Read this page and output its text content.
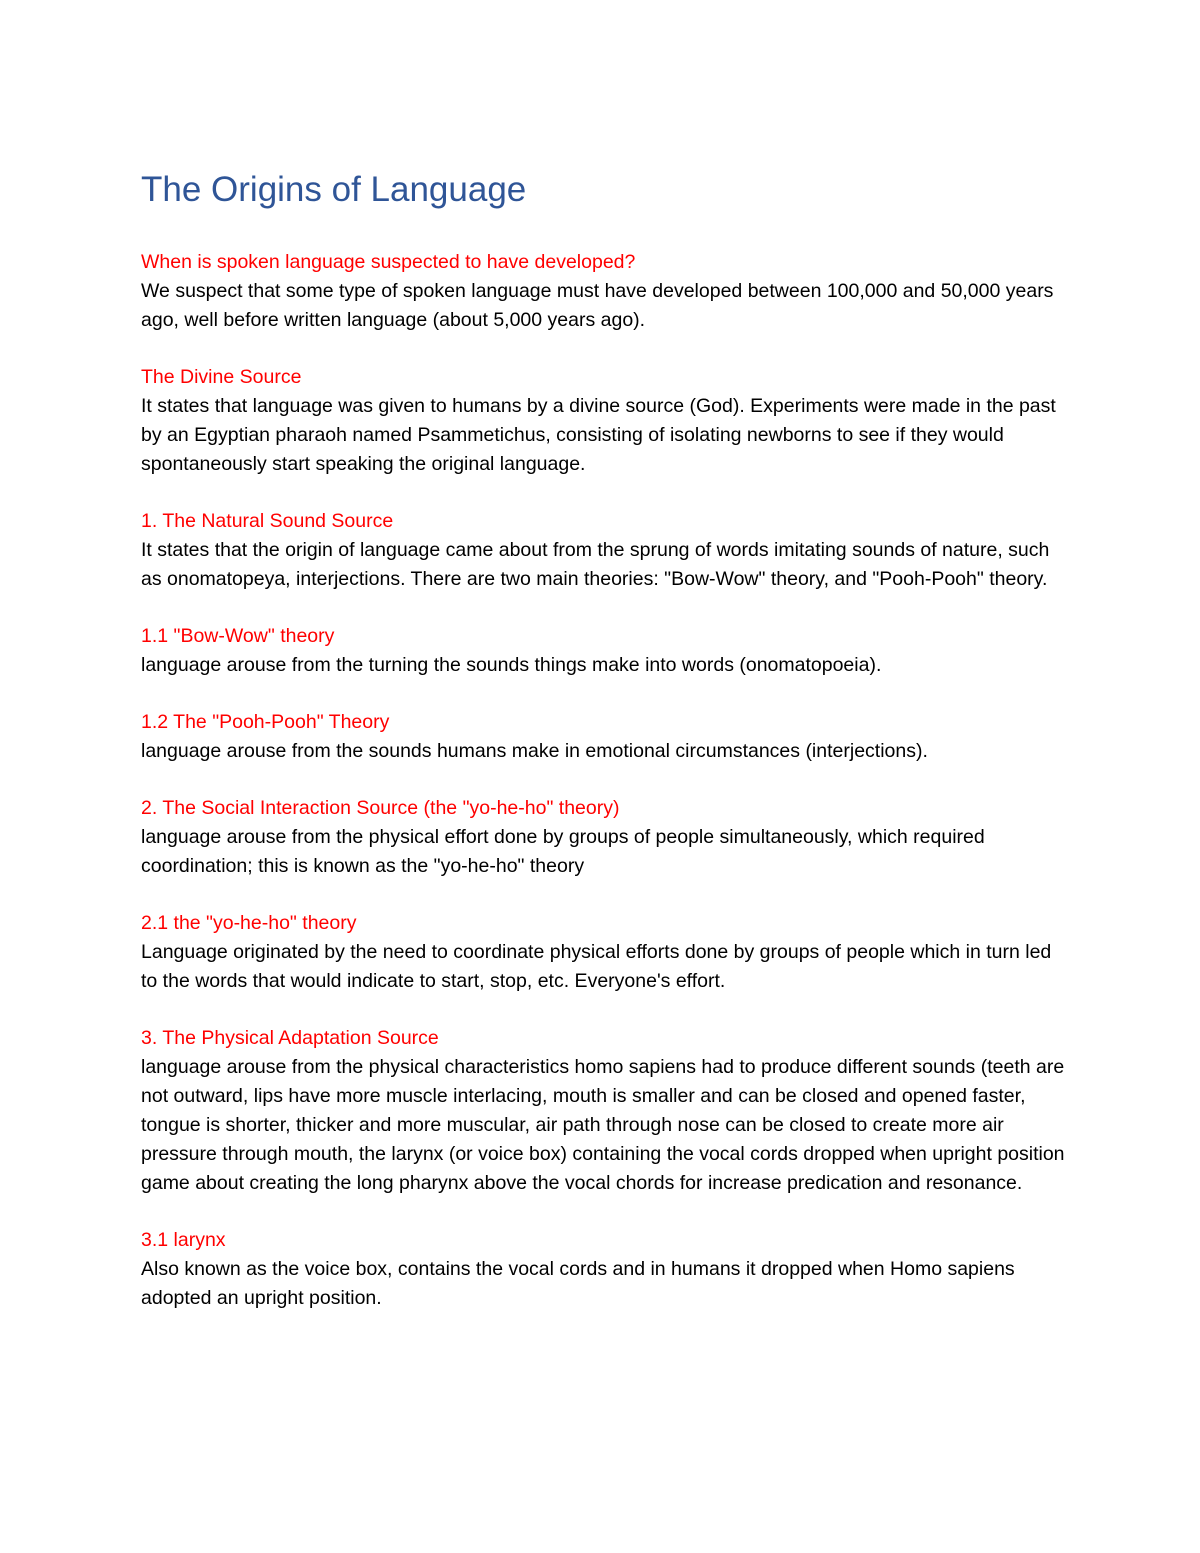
The Origins of Language

When is spoken language suspected to have developed?

We suspect that some type of spoken language must have developed between 100,000 and 50,000 years ago, well before written language (about 5,000 years ago).

The Divine Source

It states that language was given to humans by a divine source (God). Experiments were made in the past by an Egyptian pharaoh named Psammetichus, consisting of isolating newborns to see if they would spontaneously start speaking the original language.

1. The Natural Sound Source

It states that the origin of language came about from the sprung of words imitating sounds of nature, such as onomatopeya, interjections. There are two main theories: "Bow-Wow" theory, and "Pooh-Pooh" theory.

1.1 "Bow-Wow" theory

language arouse from the turning the sounds things make into words (onomatopoeia).

1.2 The "Pooh-Pooh" Theory

language arouse from the sounds humans make in emotional circumstances (interjections).

2. The Social Interaction Source (the "yo-he-ho" theory)

language arouse from the physical effort done by groups of people simultaneously, which required coordination; this is known as the "yo-he-ho" theory

2.1 the "yo-he-ho" theory

Language originated by the need to coordinate physical efforts done by groups of people which in turn led to the words that would indicate to start, stop, etc. Everyone's effort.

3. The Physical Adaptation Source

language arouse from the physical characteristics homo sapiens had to produce different sounds (teeth are not outward, lips have more muscle interlacing, mouth is smaller and can be closed and opened faster, tongue is shorter, thicker and more muscular, air path through nose can be closed to create more air pressure through mouth, the larynx (or voice box) containing the vocal cords dropped when upright position game about creating the long pharynx above the vocal chords for increase predication and resonance.

3.1 larynx

Also known as the voice box, contains the vocal cords and in humans it dropped when Homo sapiens adopted an upright position.
